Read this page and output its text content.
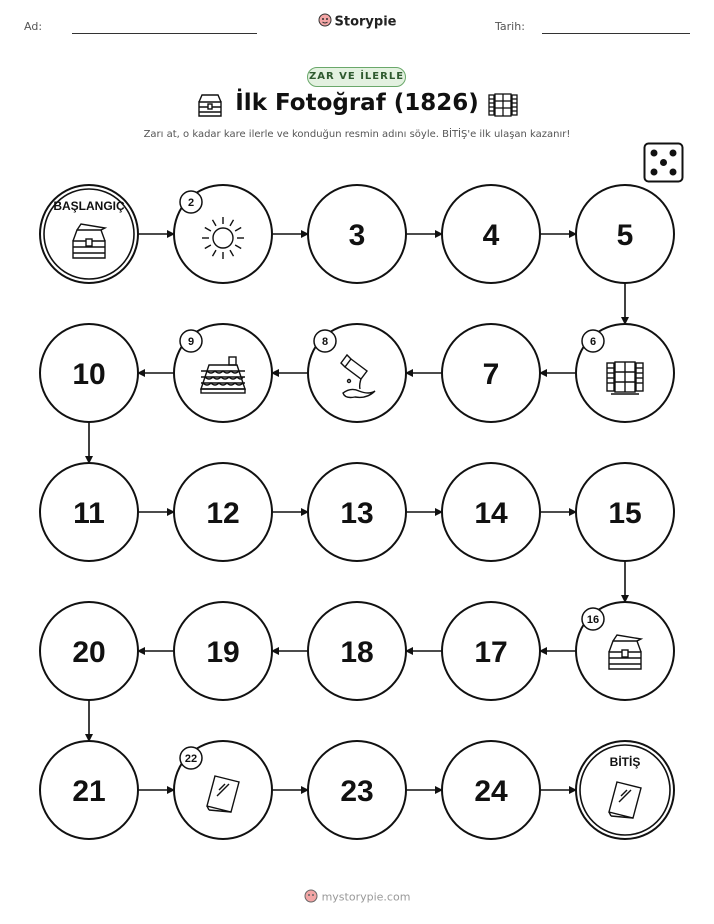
Ad:	Storypie	Tarih:
ZAR VE İLERLE
İlk Fotoğraf (1826)
Zarı at, o kadar kare ilerle ve konduğun resmin adını söyle. BİTİŞ'e ilk ulaşan kazanır!
BAŞLANGIÇ	2
3	4	5
6
7
8
9
10
11	12	13	14	15
16
17
18
19
20
21
22
23	24
BİTİŞ
mystorypie.com
